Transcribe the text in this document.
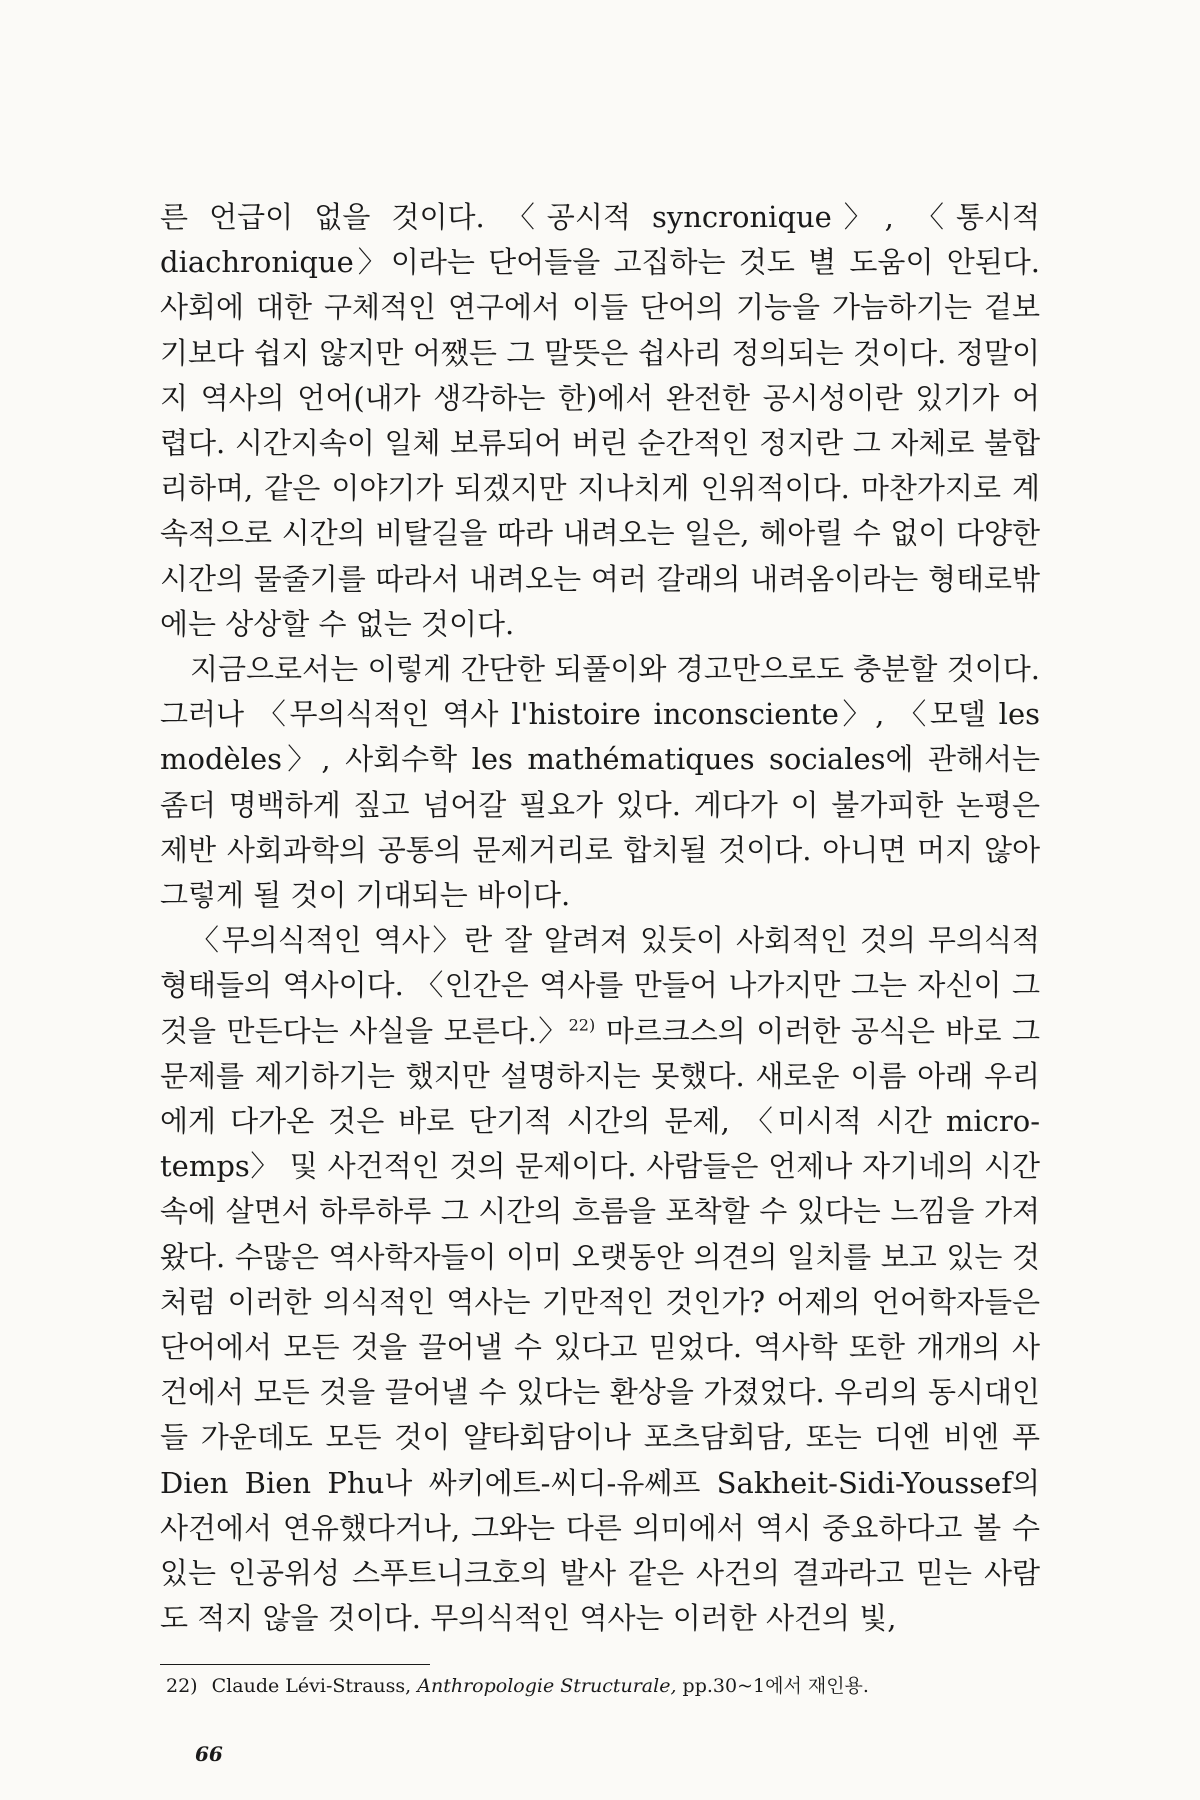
른 언급이 없을 것이다. 〈공시적 syncronique〉, 〈통시적 diachronique〉이라는 단어들을 고집하는 것도 별 도움이 안된다. 사회에 대한 구체적인 연구에서 이들 단어의 기능을 가늠하기는 겉보기보다 쉽지 않지만 어쨌든 그 말뜻은 쉽사리 정의되는 것이다. 정말이지 역사의 언어(내가 생각하는 한)에서 완전한 공시성이란 있기가 어렵다. 시간지속이 일체 보류되어 버린 순간적인 정지란 그 자체로 불합리하며, 같은 이야기가 되겠지만 지나치게 인위적이다. 마찬가지로 계속적으로 시간의 비탈길을 따라 내려오는 일은, 헤아릴 수 없이 다양한 시간의 물줄기를 따라서 내려오는 여러 갈래의 내려옴이라는 형태로밖에는 상상할 수 없는 것이다.

지금으로서는 이렇게 간단한 되풀이와 경고만으로도 충분할 것이다. 그러나 〈무의식적인 역사 l'histoire inconsciente〉, 〈모델 les modèles〉, 사회수학 les mathématiques sociales에 관해서는 좀더 명백하게 짚고 넘어갈 필요가 있다. 게다가 이 불가피한 논평은 제반 사회과학의 공통의 문제거리로 합치될 것이다. 아니면 머지 않아 그렇게 될 것이 기대되는 바이다.

〈무의식적인 역사〉란 잘 알려져 있듯이 사회적인 것의 무의식적 형태들의 역사이다. 〈인간은 역사를 만들어 나가지만 그는 자신이 그것을 만든다는 사실을 모른다.〉$^{22)}$ 마르크스의 이러한 공식은 바로 그 문제를 제기하기는 했지만 설명하지는 못했다. 새로운 이름 아래 우리에게 다가온 것은 바로 단기적 시간의 문제, 〈미시적 시간 micro-temps〉 및 사건적인 것의 문제이다. 사람들은 언제나 자기네의 시간 속에 살면서 하루하루 그 시간의 흐름을 포착할 수 있다는 느낌을 가져왔다. 수많은 역사학자들이 이미 오랫동안 의견의 일치를 보고 있는 것처럼 이러한 의식적인 역사는 기만적인 것인가? 어제의 언어학자들은 단어에서 모든 것을 끌어낼 수 있다고 믿었다. 역사학 또한 개개의 사건에서 모든 것을 끌어낼 수 있다는 환상을 가졌었다. 우리의 동시대인들 가운데도 모든 것이 얄타회담이나 포츠담회담, 또는 디엔 비엔 푸 Dien Bien Phu나 싸키에트-씨디-유쎄프 Sakheit-Sidi-Youssef의 사건에서 연유했다거나, 그와는 다른 의미에서 역시 중요하다고 볼 수 있는 인공위성 스푸트니크호의 발사 같은 사건의 결과라고 믿는 사람도 적지 않을 것이다. 무의식적인 역사는 이러한 사건의 빛,

22) Claude Lévi-Strauss, Anthropologie Structurale, pp.30~1에서 재인용.
66
